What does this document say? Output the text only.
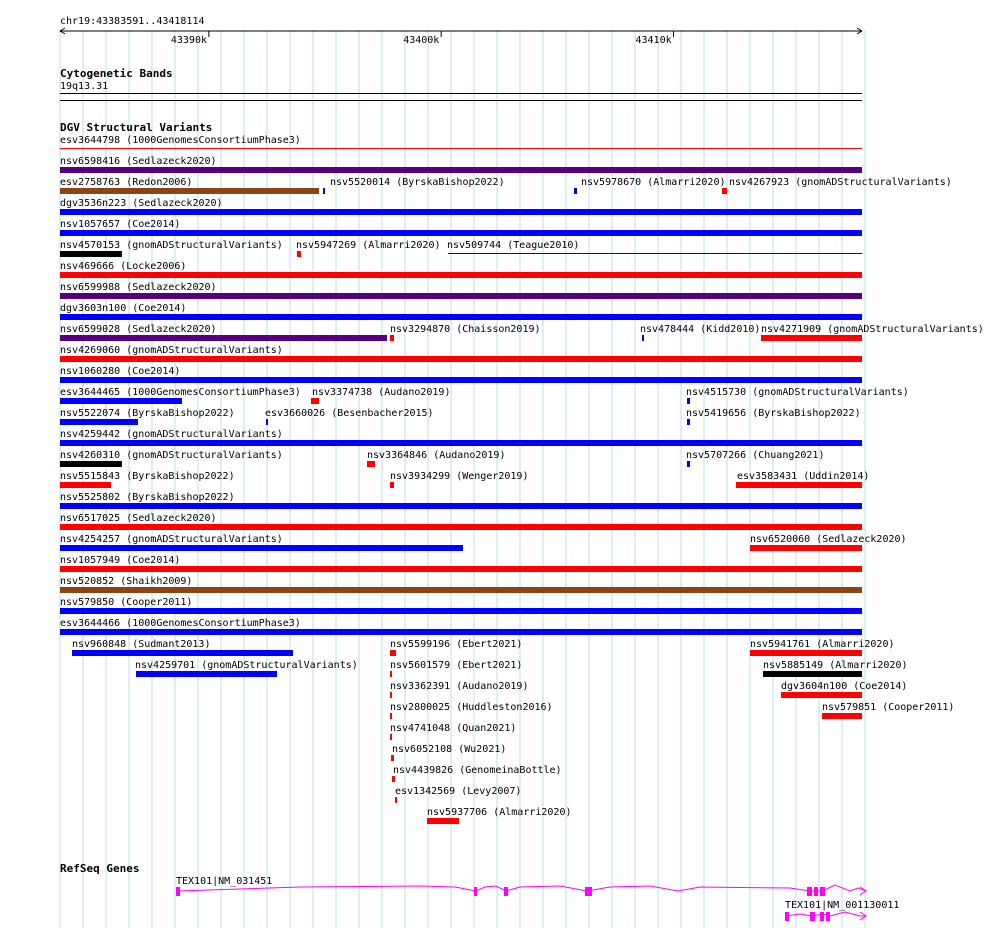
chr19:43383591..43418114
Cytogenetic Bands
19q13.31
DGV Structural Variants
esv3644798 (1000GenomesConsortiumPhase3)
nsv6598416 (Sedlazeck2020)
esv2758763 (Redon2006)	nsv5520014 (ByrskaBishop2022)	nsv5978670 (Almarri2020) nsv4267923 (gnomADStructuralVariants)
dgv3536n223 (Sedlazeck2020)
nsv1057657 (Coe2014)
nsv4570153 (gnomADStructuralVariants) nsv5947269 (Almarri2020) nsv509744 (Teague2010)
nsv469666 (Locke2006)
nsv6599988 (Sedlazeck2020)
dgv3603n100 (Coe2014)
nsv6599028 (Sedlazeck2020)	nsv3294870 (Chaisson2019)	nsv478444 (Kidd2010) nsv4271909 (gnomADStructuralVariants)
nsv4269060 (gnomADStructuralVariants)
nsv1060280 (Coe2014)
esv3644465 (1000GenomesConsortiumPhase3) nsv3374738 (Audano2019)	nsv4515730 (gnomADStructuralVariants)
nsv5522074 (ByrskaBishop2022)	esv3660026 (Besenbacher2015)	nsv5419656 (ByrskaBishop2022)
nsv4259442 (gnomADStructuralVariants)
nsv4260310 (gnomADStructuralVariants)	nsv3364846 (Audano2019)	nsv5707266 (Chuang2021)
nsv5515843 (ByrskaBishop2022)	nsv3934299 (Wenger2019)	esv3583431 (Uddin2014)
nsv5525802 (ByrskaBishop2022)
nsv6517025 (Sedlazeck2020)
nsv4254257 (gnomADStructuralVariants)	nsv6520060 (Sedlazeck2020)
nsv1057949 (Coe2014)
nsv520852 (Shaikh2009)
nsv579850 (Cooper2011)
esv3644466 (1000GenomesConsortiumPhase3)
nsv960848 (Sudmant2013)	nsv5599196 (Ebert2021)	nsv5941761 (Almarri2020)
nsv4259701 (gnomADStructuralVariants)	nsv5601579 (Ebert2021)	nsv5885149 (Almarri2020)
nsv3362391 (Audano2019)	dgv3604n100 (Coe2014)
nsv2800025 (Huddleston2016)	nsv579851 (Cooper2011)
nsv4741048 (Quan2021)
nsv6052108 (Wu2021)
nsv4439826 (GenomeinaBottle)
esv1342569 (Levy2007)
nsv5937706 (Almarri2020)
RefSeq Genes
TEX101|NM_031451
TEX101|NM_001130011
43390k	43400k	43410k
